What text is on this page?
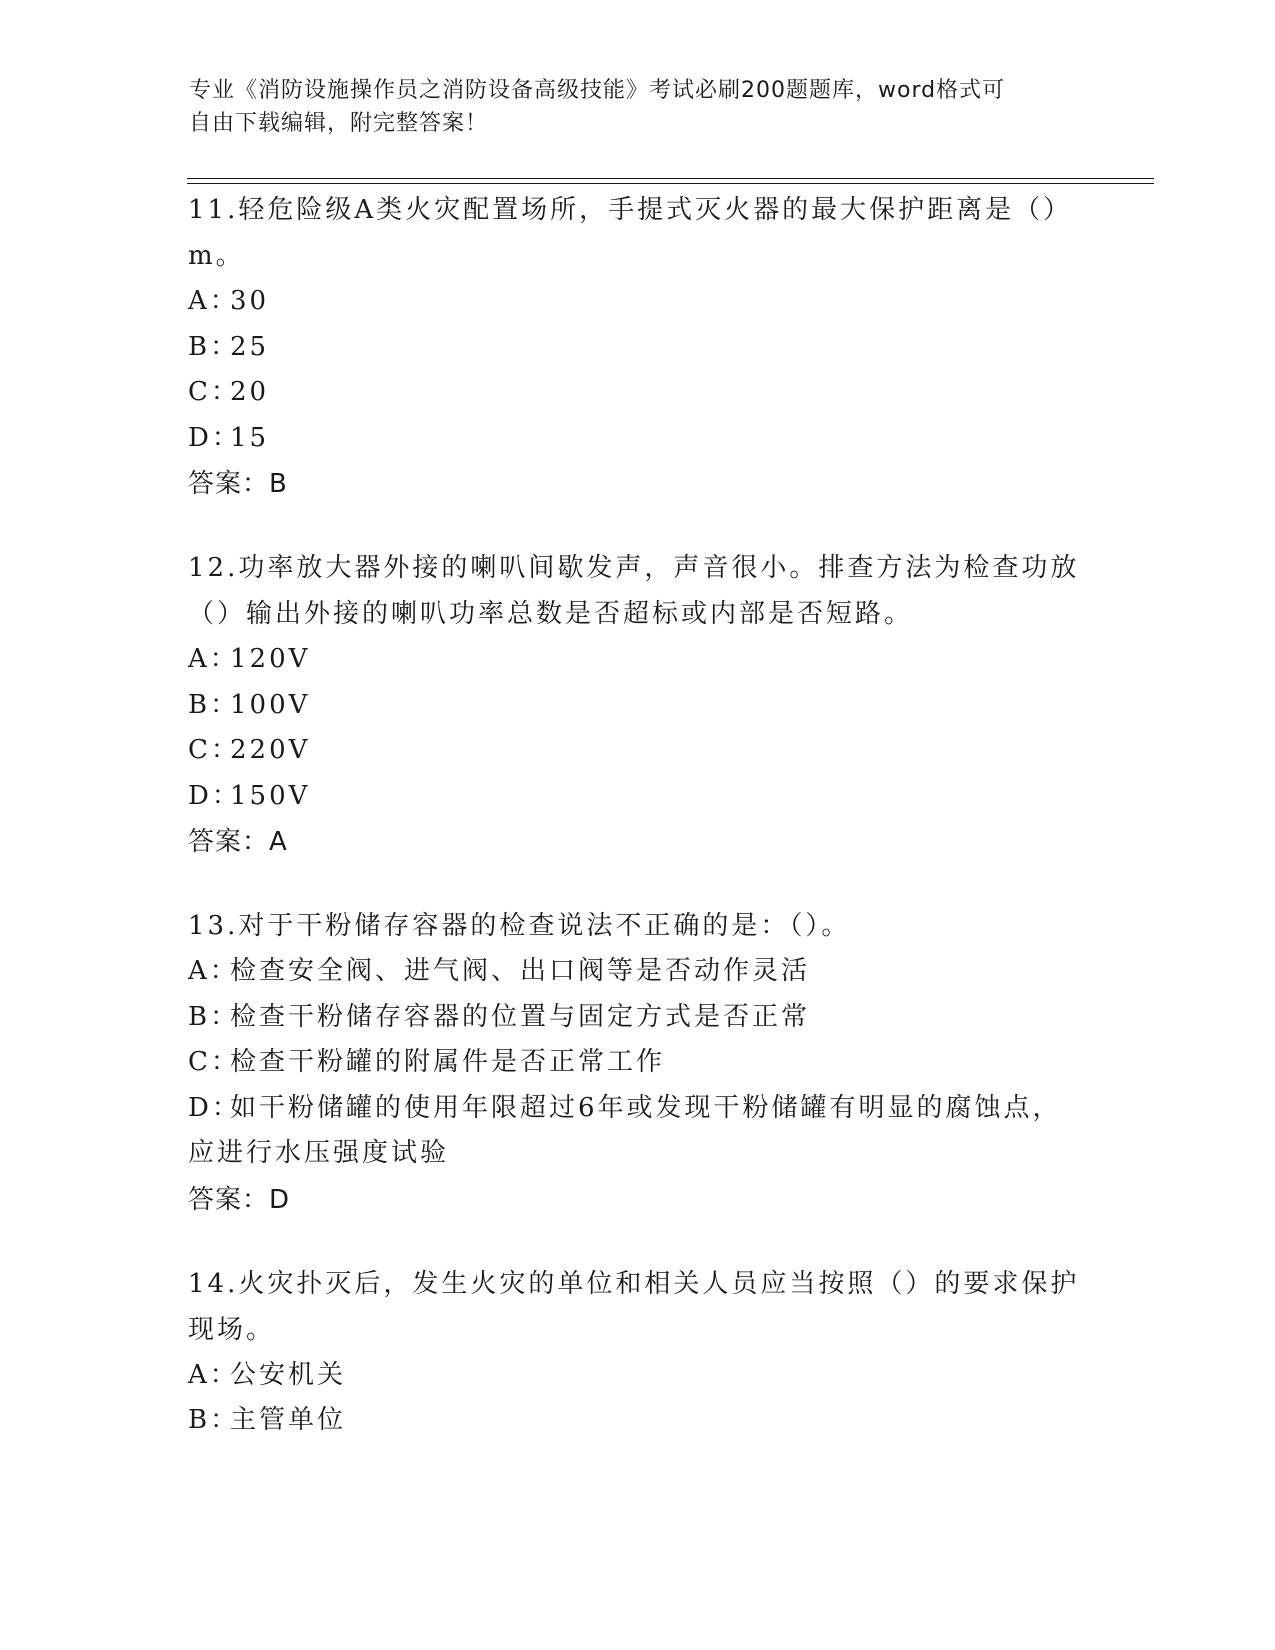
专业《消防设施操作员之消防设备高级技能》考试必刷200题题库，word格式可
自由下载编辑，附完整答案！

11.轻危险级A类火灾配置场所，手提式灭火器的最大保护距离是（）

m。

A：30

B：25

C：20

D：15

答案：B

12.功率放大器外接的喇叭间歇发声，声音很小。排查方法为检查功放

（）输出外接的喇叭功率总数是否超标或内部是否短路。

A：120V

B：100V

C：220V

D：150V

答案：A

13.对于干粉储存容器的检查说法不正确的是：（）。

A：检查安全阀、进气阀、出口阀等是否动作灵活

B：检查干粉储存容器的位置与固定方式是否正常

C：检查干粉罐的附属件是否正常工作

D：如干粉储罐的使用年限超过6年或发现干粉储罐有明显的腐蚀点，

应进行水压强度试验

答案：D

14.火灾扑灭后，发生火灾的单位和相关人员应当按照（）的要求保护

现场。

A：公安机关

B：主管单位
